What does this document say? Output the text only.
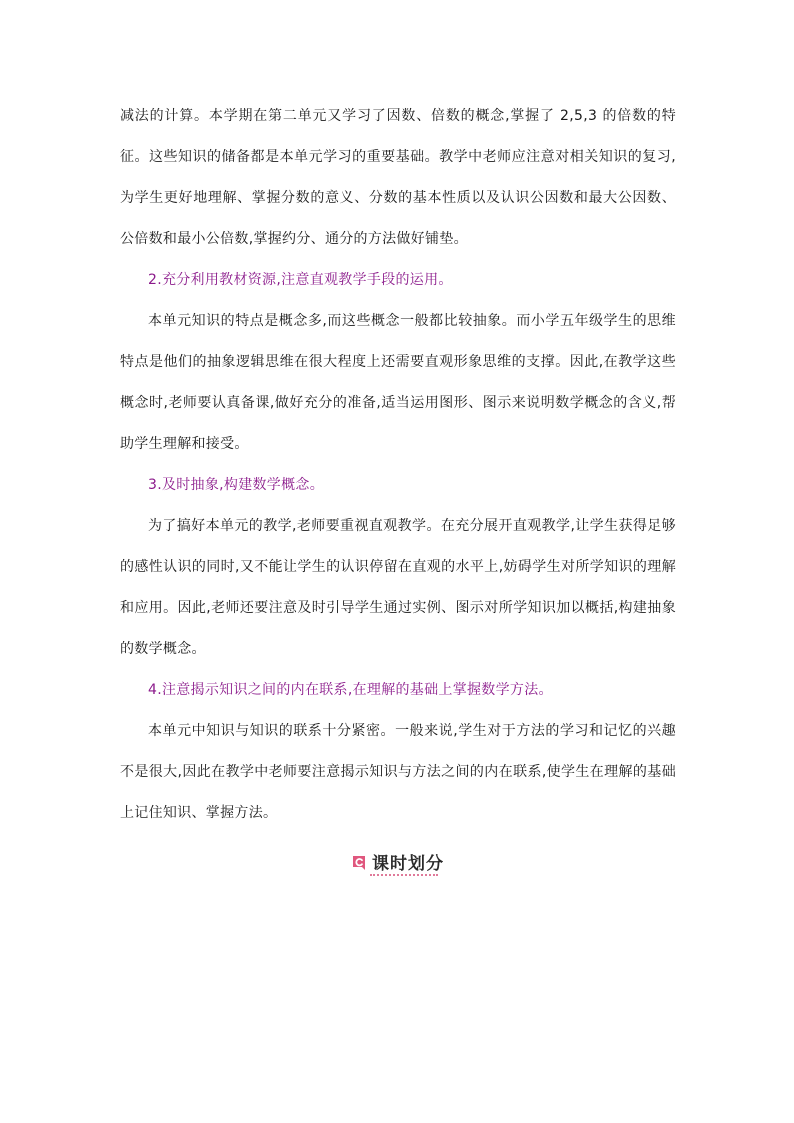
减法的计算。本学期在第二单元又学习了因数、倍数的概念,掌握了 2,5,3 的倍数的特征。这些知识的储备都是本单元学习的重要基础。教学中老师应注意对相关知识的复习,为学生更好地理解、掌握分数的意义、分数的基本性质以及认识公因数和最大公因数、公倍数和最小公倍数,掌握约分、通分的方法做好铺垫。

2.充分利用教材资源,注意直观教学手段的运用。

本单元知识的特点是概念多,而这些概念一般都比较抽象。而小学五年级学生的思维特点是他们的抽象逻辑思维在很大程度上还需要直观形象思维的支撑。因此,在教学这些概念时,老师要认真备课,做好充分的准备,适当运用图形、图示来说明数学概念的含义,帮助学生理解和接受。

3.及时抽象,构建数学概念。

为了搞好本单元的教学,老师要重视直观教学。在充分展开直观教学,让学生获得足够的感性认识的同时,又不能让学生的认识停留在直观的水平上,妨碍学生对所学知识的理解和应用。因此,老师还要注意及时引导学生通过实例、图示对所学知识加以概括,构建抽象的数学概念。

4.注意揭示知识之间的内在联系,在理解的基础上掌握数学方法。

本单元中知识与知识的联系十分紧密。一般来说,学生对于方法的学习和记忆的兴趣不是很大,因此在教学中老师要注意揭示知识与方法之间的内在联系,使学生在理解的基础上记住知识、掌握方法。

课时划分
